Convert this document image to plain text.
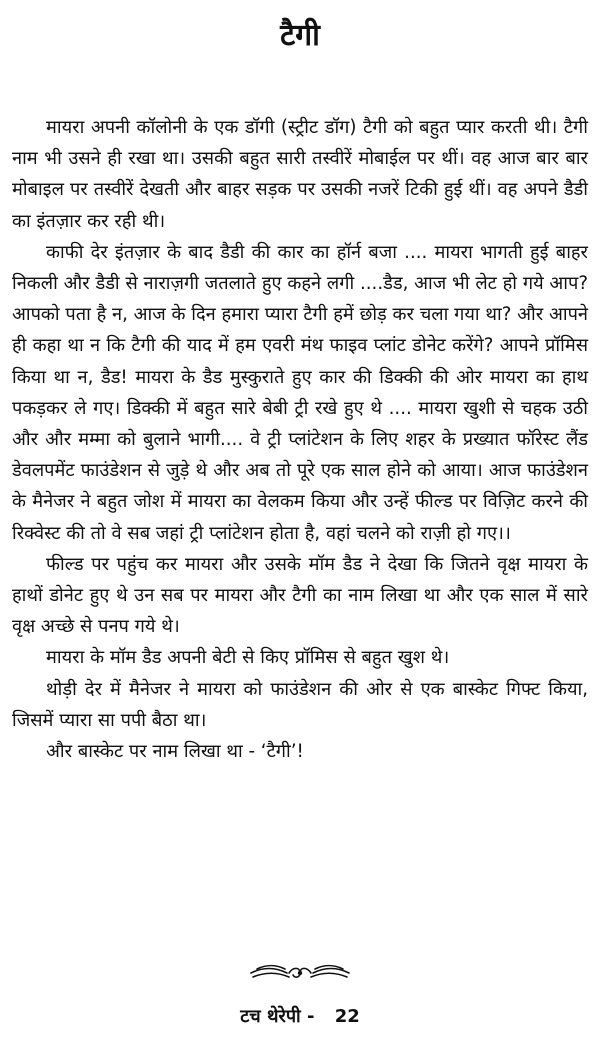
टैगी

मायरा अपनी कॉलोनी के एक डॉगी (स्ट्रीट डॉग) टैगी को बहुत प्यार करती थी। टैगी नाम भी उसने ही रखा था। उसकी बहुत सारी तस्वीरें मोबाईल पर थीं। वह आज बार बार मोबाइल पर तस्वीरें देखती और बाहर सड़क पर उसकी नजरें टिकी हुई थीं। वह अपने डैडी का इंतज़ार कर रही थी।

काफी देर इंतज़ार के बाद डैडी की कार का हॉर्न बजा .... मायरा भागती हुई बाहर निकली और डैडी से नाराज़गी जतलाते हुए कहने लगी ....डैड, आज भी लेट हो गये आप? आपको पता है न, आज के दिन हमारा प्यारा टैगी हमें छोड़ कर चला गया था? और आपने ही कहा था न कि टैगी की याद में हम एवरी मंथ फाइव प्लांट डोनेट करेंगे? आपने प्रॉमिस किया था न, डैड! मायरा के डैड मुस्कुराते हुए कार की डिक्की की ओर मायरा का हाथ पकड़कर ले गए। डिक्की में बहुत सारे बेबी ट्री रखे हुए थे .... मायरा खुशी से चहक उठी और और मम्मा को बुलाने भागी.... वे ट्री प्लांटेशन के लिए शहर के प्रख्यात फॉरेस्ट लैंड डेवलपमेंट फाउंडेशन से जुड़े थे और अब तो पूरे एक साल होने को आया। आज फाउंडेशन के मैनेजर ने बहुत जोश में मायरा का वेलकम किया और उन्हें फील्ड पर विज़िट करने की रिक्वेस्ट की तो वे सब जहां ट्री प्लांटेशन होता है, वहां चलने को राज़ी हो गए।।

फील्ड पर पहुंच कर मायरा और उसके मॉम डैड ने देखा कि जितने वृक्ष मायरा के हाथों डोनेट हुए थे उन सब पर मायरा और टैगी का नाम लिखा था और एक साल में सारे वृक्ष अच्छे से पनप गये थे।

मायरा के मॉम डैड अपनी बेटी से किए प्रॉमिस से बहुत खुश थे।

थोड़ी देर में मैनेजर ने मायरा को फाउंडेशन की ओर से एक बास्केट गिफ्ट किया, जिसमें प्यारा सा पपी बैठा था।

और बास्केट पर नाम लिखा था - ‘टैगी’!

टच थेरेपी - 22
